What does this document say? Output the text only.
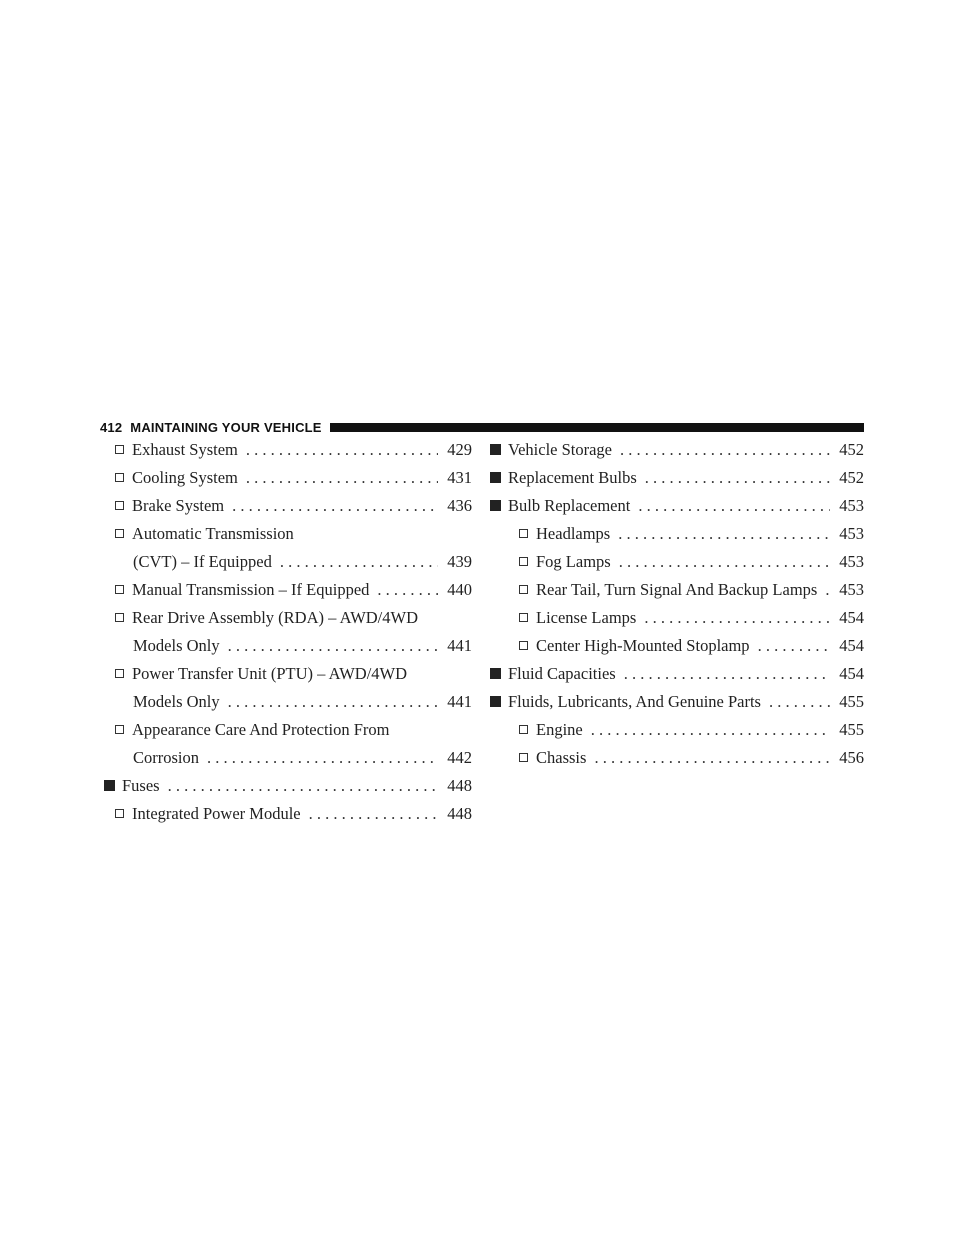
412 MAINTAINING YOUR VEHICLE
Exhaust System . . .	429
Cooling System . . .	431
Brake System . . .	436
Automatic Transmission
(CVT) – If Equipped . . .	439
Manual Transmission – If Equipped . . .	440
Rear Drive Assembly (RDA) – AWD/4WD
Models Only . . .	441
Power Transfer Unit (PTU) – AWD/4WD
Models Only . . .	441
Appearance Care And Protection From
Corrosion . . .	442
Fuses . . .	448
Integrated Power Module . . .	448
Vehicle Storage . . .	452
Replacement Bulbs . . .	452
Bulb Replacement . . .	453
Headlamps . . .	453
Fog Lamps . . .	453
Rear Tail, Turn Signal And Backup Lamps . . . 453
License Lamps . . .	454
Center High-Mounted Stoplamp . . .	454
Fluid Capacities . . .	454
Fluids, Lubricants, And Genuine Parts . . .	455
Engine . . .	455
Chassis . . .	456
